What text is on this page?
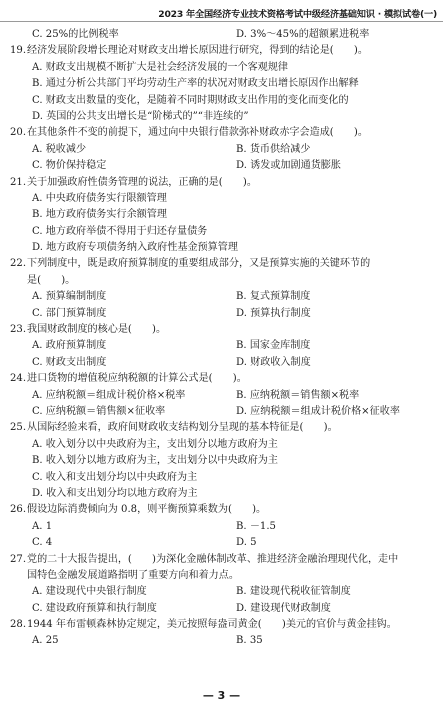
2023 年全国经济专业技术资格考试中级经济基础知识 · 模拟试卷(一)
C. 25%的比例税率	D. 3%～45%的超额累进税率
19.经济发展阶段增长理论对财政支出增长原因进行研究，得到的结论是(　　)。
A. 财政支出规模不断扩大是社会经济发展的一个客观规律
B. 通过分析公共部门平均劳动生产率的状况对财政支出增长原因作出解释
C. 财政支出数量的变化，是随着不同时期财政支出作用的变化而变化的
D. 英国的公共支出增长是“阶梯式的”“非连续的”
20.在其他条件不变的前提下，通过向中央银行借款弥补财政赤字会造成(　　)。
A. 税收减少	B. 货币供给减少
C. 物价保持稳定	D. 诱发或加剧通货膨胀
21.关于加强政府性债务管理的说法，正确的是(　　)。
A. 中央政府债务实行限额管理
B. 地方政府债务实行余额管理
C. 地方政府举债不得用于归还存量债务
D. 地方政府专项债务纳入政府性基金预算管理
22.下列制度中，既是政府预算制度的重要组成部分，又是预算实施的关键环节的
是(　　)。
A. 预算编制制度	B. 复式预算制度
C. 部门预算制度	D. 预算执行制度
23.我国财政制度的核心是(　　)。
A. 政府预算制度	B. 国家金库制度
C. 财政支出制度	D. 财政收入制度
24.进口货物的增值税应纳税额的计算公式是(　　)。
A. 应纳税额＝组成计税价格×税率	B. 应纳税额＝销售额×税率
C. 应纳税额＝销售额×征收率	D. 应纳税额＝组成计税价格×征收率
25.从国际经验来看，政府间财政收支结构划分呈现的基本特征是(　　)。
A. 收入划分以中央政府为主，支出划分以地方政府为主
B. 收入划分以地方政府为主，支出划分以中央政府为主
C. 收入和支出划分均以中央政府为主
D. 收入和支出划分均以地方政府为主
26.假设边际消费倾向为 0.8，则平衡预算乘数为(　　)。
A. 1	B. －1.5
C. 4	D. 5
27.党的二十大报告提出，(　　)为深化金融体制改革、推进经济金融治理现代化，走中
国特色金融发展道路指明了重要方向和着力点。
A. 建设现代中央银行制度	B. 建设现代税收征管制度
C. 建设政府预算和执行制度	D. 建设现代财政制度
28.1944 年布雷顿森林协定规定，美元按照每盎司黄金(　　)美元的官价与黄金挂钩。
A. 25	B. 35
— 3 —
